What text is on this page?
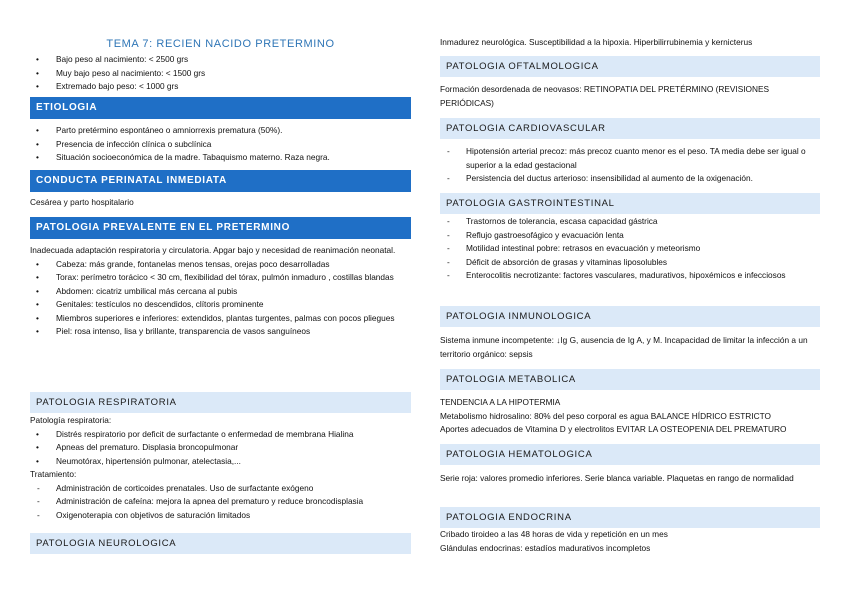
TEMA 7: RECIEN NACIDO PRETERMINO
• Bajo peso al nacimiento: < 2500 grs
• Muy bajo peso al nacimiento: < 1500 grs
• Extremado bajo peso: < 1000 grs
ETIOLOGIA
• Parto pretérmino espontáneo o amniorrexis prematura (50%).
• Presencia de infección clínica o subclínica
• Situación socioeconómica de la madre. Tabaquismo materno. Raza negra.
CONDUCTA PERINATAL INMEDIATA

Cesárea y parto hospitalario

PATOLOGIA PREVALENTE EN EL PRETERMINO

Inadecuada adaptación respiratoria y circulatoria. Apgar bajo y necesidad de reanimación neonatal.

• Cabeza: más grande, fontanelas menos tensas, orejas poco desarrolladas
• Torax: perímetro torácico < 30 cm, flexibilidad del tórax, pulmón inmaduro , costillas blandas
• Abdomen: cicatriz umbilical más cercana al pubis
• Genitales: testículos no descendidos, clítoris prominente
• Miembros superiores e inferiores: extendidos, plantas turgentes, palmas con pocos pliegues
• Piel: rosa intenso, lisa y brillante, transparencia de vasos sanguíneos
PATOLOGIA RESPIRATORIA

Patología respiratoria:

• Distrés respiratorio por deficit de surfactante o enfermedad de membrana Hialina
• Apneas del prematuro. Displasia broncopulmonar
• Neumotórax, hipertensión pulmonar, atelectasia,...

Tratamiento:

- Administración de corticoides prenatales. Uso de surfactante exógeno
- Administración de cafeína: mejora la apnea del prematuro y reduce broncodisplasia
- Oxigenoterapia con objetivos de saturación limitados
PATOLOGIA NEUROLOGICA

Inmadurez neurológica. Susceptibilidad a la hipoxia. Hiperbilirrubinemia y kernicterus

PATOLOGIA OFTALMOLOGICA

Formación desordenada de neovasos: RETINOPATIA DEL PRETÉRMINO (REVISIONES PERIÓDICAS)

PATOLOGIA CARDIOVASCULAR
- Hipotensión arterial precoz: más precoz cuanto menor es el peso. TA media debe ser igual o superior a la edad gestacional
- Persistencia del ductus arterioso: insensibilidad al aumento de la oxigenación.
PATOLOGIA GASTROINTESTINAL
- Trastornos de tolerancia, escasa capacidad gástrica
- Reflujo gastroesofágico y evacuación lenta
- Motilidad intestinal pobre: retrasos en evacuación y meteorismo
- Déficit de absorción de grasas y vitaminas liposolubles
- Enterocolitis necrotizante: factores vasculares, madurativos, hipoxémicos e infecciosos
PATOLOGIA INMUNOLOGICA

Sistema inmune incompetente: ↓Ig G, ausencia de Ig A, y M. Incapacidad de limitar la infección a un territorio orgánico: sepsis

PATOLOGIA METABOLICA

TENDENCIA A LA HIPOTERMIA

Metabolismo hidrosalino: 80% del peso corporal es agua BALANCE HÍDRICO ESTRICTO

Aportes adecuados de Vitamina D y electrolitos EVITAR LA OSTEOPENIA DEL PREMATURO

PATOLOGIA HEMATOLOGICA

Serie roja: valores promedio inferiores. Serie blanca variable. Plaquetas en rango de normalidad

PATOLOGIA ENDOCRINA

Cribado tiroideo a las 48 horas de vida y repetición en un mes

Glándulas endocrinas: estadíos madurativos incompletos
